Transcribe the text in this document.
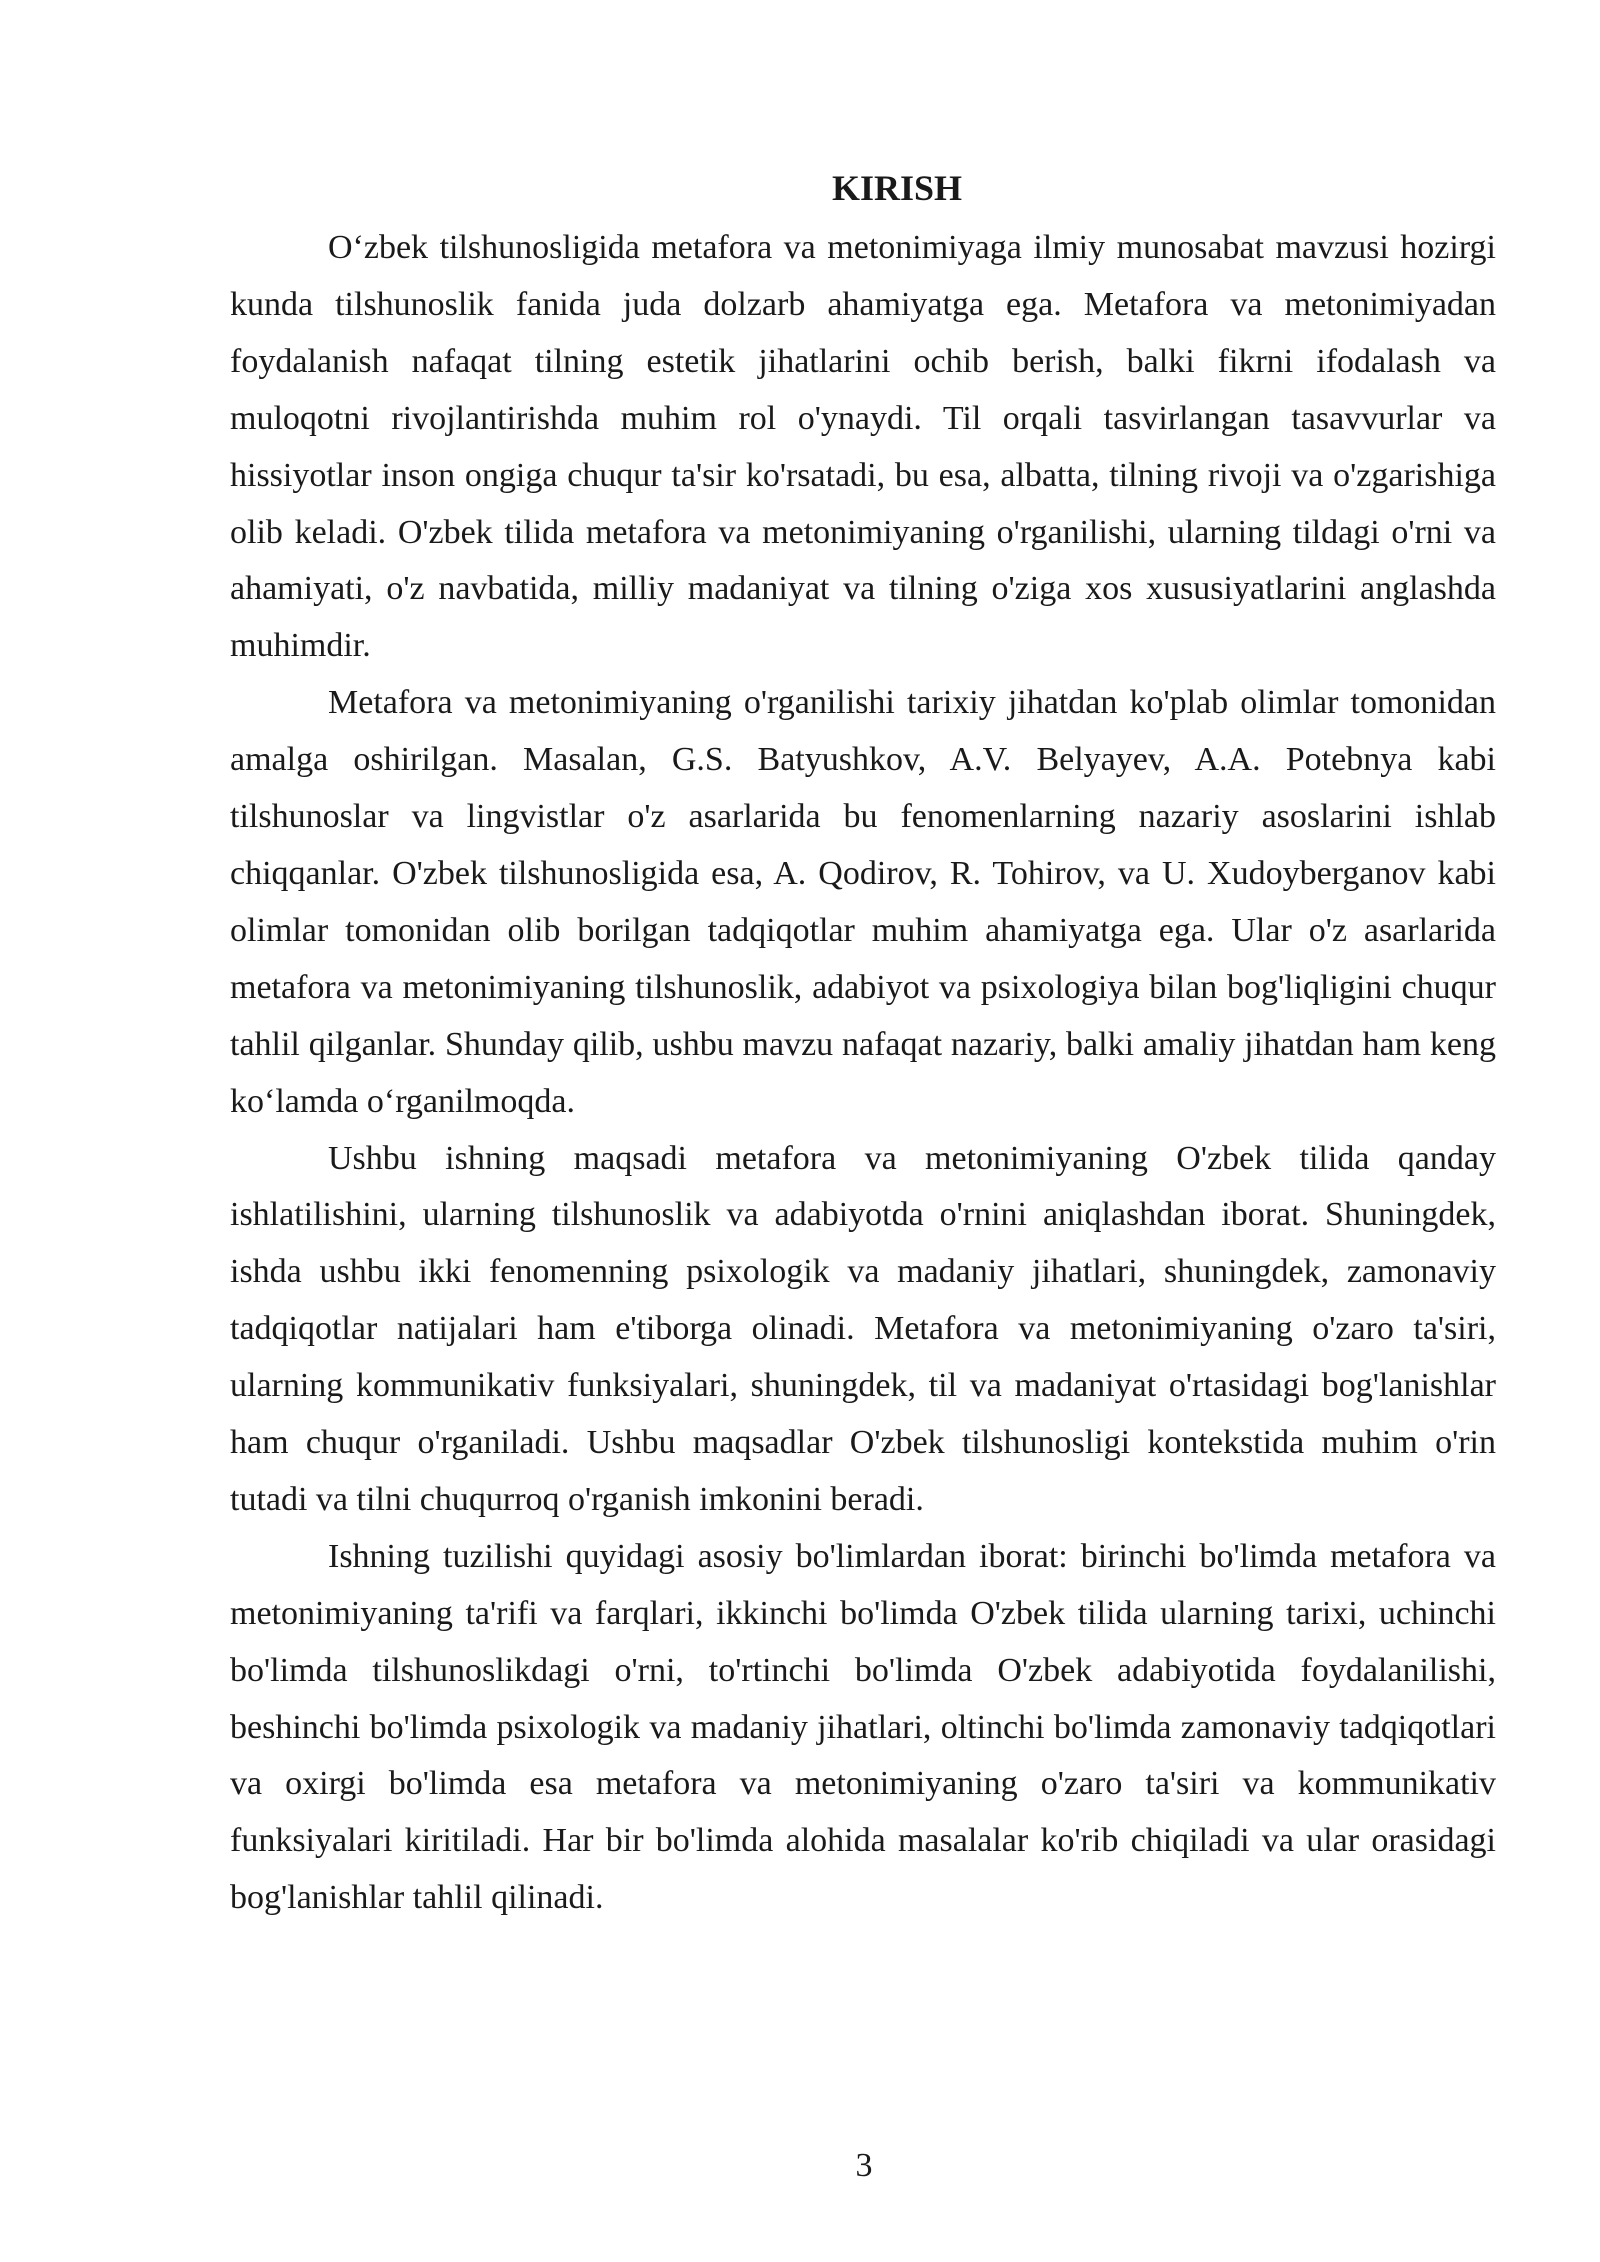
KIRISH

O‘zbek tilshunosligida metafora va metonimiyaga ilmiy munosabat mavzusi hozirgi kunda tilshunoslik fanida juda dolzarb ahamiyatga ega. Metafora va metonimiyadan foydalanish nafaqat tilning estetik jihatlarini ochib berish, balki fikrni ifodalash va muloqotni rivojlantirishda muhim rol o'ynaydi. Til orqali tasvirlangan tasavvurlar va hissiyotlar inson ongiga chuqur ta'sir ko'rsatadi, bu esa, albatta, tilning rivoji va o'zgarishiga olib keladi. O'zbek tilida metafora va metonimiyaning o'rganilishi, ularning tildagi o'rni va ahamiyati, o'z navbatida, milliy madaniyat va tilning o'ziga xos xususiyatlarini anglashda muhimdir.

Metafora va metonimiyaning o'rganilishi tarixiy jihatdan ko'plab olimlar tomonidan amalga oshirilgan. Masalan, G.S. Batyushkov, A.V. Belyayev, A.A. Potebnya kabi tilshunoslar va lingvistlar o'z asarlarida bu fenomenlarning nazariy asoslarini ishlab chiqqanlar. O'zbek tilshunosligida esa, A. Qodirov, R. Tohirov, va U. Xudoyberganov kabi olimlar tomonidan olib borilgan tadqiqotlar muhim ahamiyatga ega. Ular o'z asarlarida metafora va metonimiyaning tilshunoslik, adabiyot va psixologiya bilan bog'liqligini chuqur tahlil qilganlar. Shunday qilib, ushbu mavzu nafaqat nazariy, balki amaliy jihatdan ham keng ko‘lamda o‘rganilmoqda.

Ushbu ishning maqsadi metafora va metonimiyaning O'zbek tilida qanday ishlatilishini, ularning tilshunoslik va adabiyotda o'rnini aniqlashdan iborat. Shuningdek, ishda ushbu ikki fenomenning psixologik va madaniy jihatlari, shuningdek, zamonaviy tadqiqotlar natijalari ham e'tiborga olinadi. Metafora va metonimiyaning o'zaro ta'siri, ularning kommunikativ funksiyalari, shuningdek, til va madaniyat o'rtasidagi bog'lanishlar ham chuqur o'rganiladi. Ushbu maqsadlar O'zbek tilshunosligi kontekstida muhim o'rin tutadi va tilni chuqurroq o'rganish imkonini beradi.

Ishning tuzilishi quyidagi asosiy bo'limlardan iborat: birinchi bo'limda metafora va metonimiyaning ta'rifi va farqlari, ikkinchi bo'limda O'zbek tilida ularning tarixi, uchinchi bo'limda tilshunoslikdagi o'rni, to'rtinchi bo'limda O'zbek adabiyotida foydalanilishi, beshinchi bo'limda psixologik va madaniy jihatlari, oltinchi bo'limda zamonaviy tadqiqotlari va oxirgi bo'limda esa metafora va metonimiyaning o'zaro ta'siri va kommunikativ funksiyalari kiritiladi. Har bir bo'limda alohida masalalar ko'rib chiqiladi va ular orasidagi bog'lanishlar tahlil qilinadi.

3
